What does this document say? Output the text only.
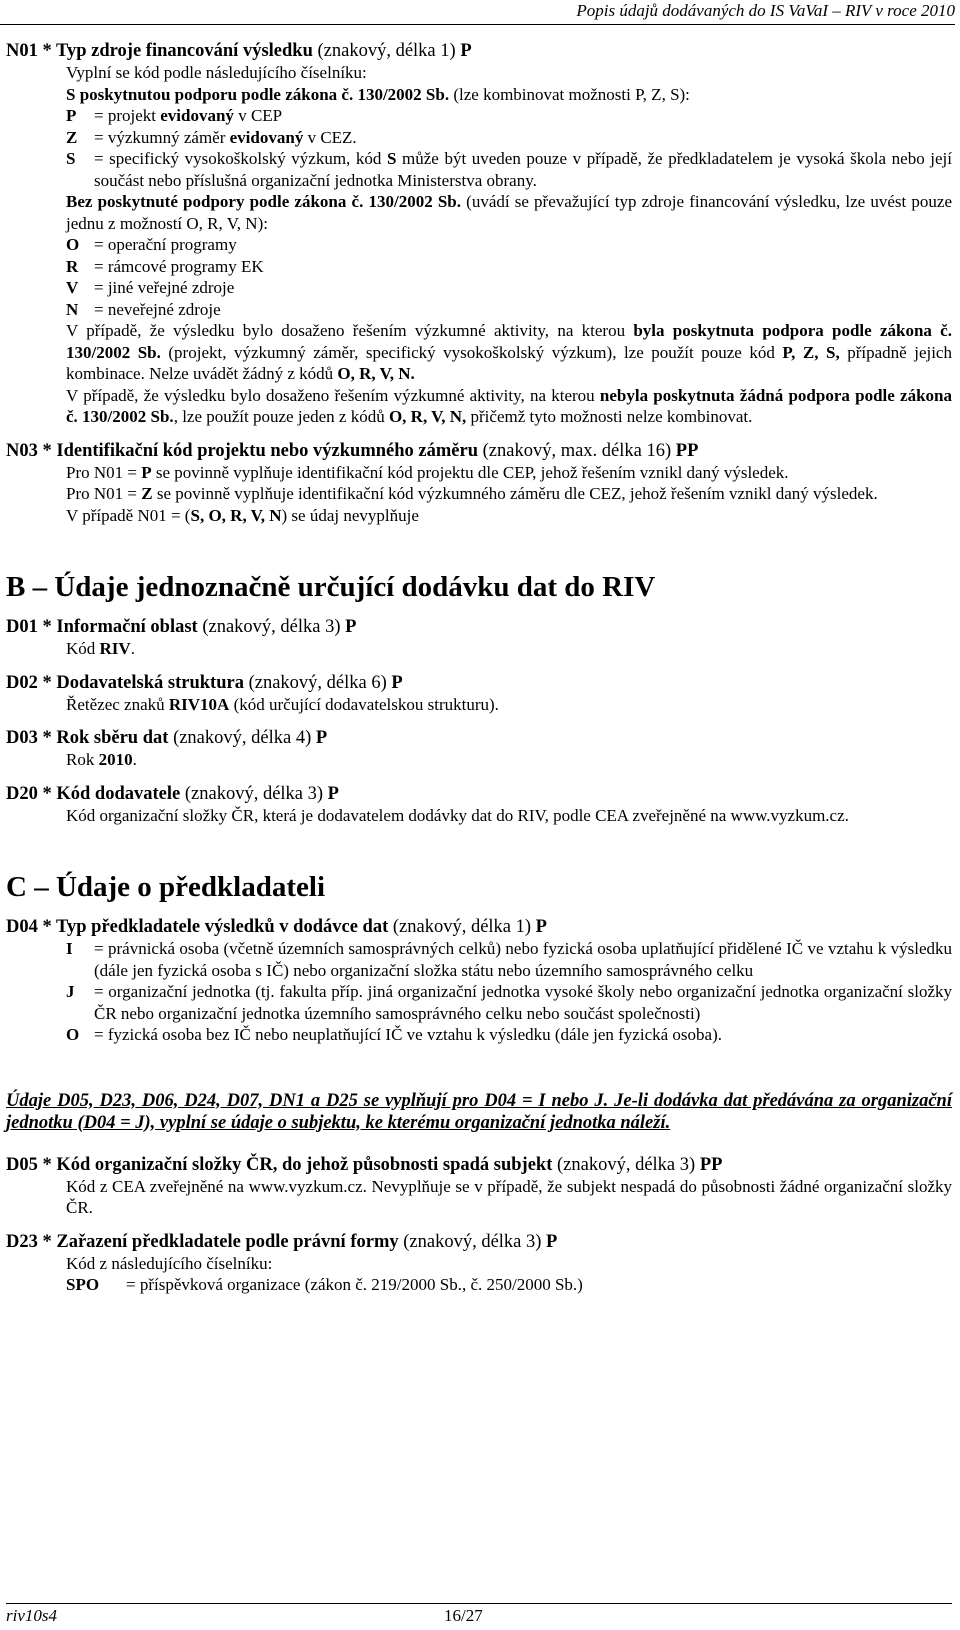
Popis údajů dodávaných do IS VaVaI – RIV v roce 2010

N01 * Typ zdroje financování výsledku (znakový, délka 1) P

Vyplní se kód podle následujícího číselníku:

S poskytnutou podporu podle zákona č. 130/2002 Sb. (lze kombinovat možnosti P, Z, S):

P	= projekt evidovaný v CEP
Z = výzkumný záměr evidovaný v CEZ.
S	= specifický vysokoškolský výzkum, kód S může být uveden pouze v případě, že předkladatelem je vysoká škola nebo její součást nebo příslušná organizační jednotka Ministerstva obrany.

Bez poskytnuté podpory podle zákona č. 130/2002 Sb. (uvádí se převažující typ zdroje financování výsledku, lze uvést pouze jednu z možností O, R, V, N):

O = operační programy
R = rámcové programy EK
V = jiné veřejné zdroje
N = neveřejné zdroje

V případě, že výsledku bylo dosaženo řešením výzkumné aktivity, na kterou byla poskytnuta podpora podle zákona č. 130/2002 Sb. (projekt, výzkumný záměr, specifický vysokoškolský výzkum), lze použít pouze kód P, Z, S, případně jejich kombinace. Nelze uvádět žádný z kódů O, R, V, N.

V případě, že výsledku bylo dosaženo řešením výzkumné aktivity, na kterou nebyla poskytnuta žádná podpora podle zákona č. 130/2002 Sb., lze použít pouze jeden z kódů O, R, V, N, přičemž tyto možnosti nelze kombinovat.

N03 * Identifikační kód projektu nebo výzkumného záměru (znakový, max. délka 16) PP

Pro N01 = P se povinně vyplňuje identifikační kód projektu dle CEP, jehož řešením vznikl daný výsledek.

Pro N01 = Z se povinně vyplňuje identifikační kód výzkumného záměru dle CEZ, jehož řešením vznikl daný výsledek.

V případě N01 = (S, O, R, V, N) se údaj nevyplňuje

B – Údaje jednoznačně určující dodávku dat do RIV

D01 * Informační oblast (znakový, délka 3) P

Kód RIV.

D02 * Dodavatelská struktura (znakový, délka 6) P

Řetězec znaků RIV10A (kód určující dodavatelskou strukturu).

D03 * Rok sběru dat (znakový, délka 4) P

Rok 2010.

D20 * Kód dodavatele (znakový, délka 3) P

Kód organizační složky ČR, která je dodavatelem dodávky dat do RIV, podle CEA zveřejněné na www.vyzkum.cz.

C – Údaje o předkladateli

D04 * Typ předkladatele výsledků v dodávce dat (znakový, délka 1) P

I	= právnická osoba (včetně územních samosprávných celků) nebo fyzická osoba uplatňující přidělené IČ ve vztahu k výsledku (dále jen fyzická osoba s IČ) nebo organizační složka státu nebo územního samosprávného celku
J	= organizační jednotka (tj. fakulta příp. jiná organizační jednotka vysoké školy nebo organizační jednotka organizační složky ČR nebo organizační jednotka územního samosprávného celku nebo součást společnosti)
O = fyzická osoba bez IČ nebo neuplatňující IČ ve vztahu k výsledku (dále jen fyzická osoba).

Údaje D05, D23, D06, D24, D07, DN1 a D25 se vyplňují pro D04 = I nebo J. Je-li dodávka dat předávána za organizační jednotku (D04 = J), vyplní se údaje o subjektu, ke kterému organizační jednotka náleží.

D05 * Kód organizační složky ČR, do jehož působnosti spadá subjekt (znakový, délka 3) PP

Kód z CEA zveřejněné na www.vyzkum.cz. Nevyplňuje se v případě, že subjekt nespadá do působnosti žádné organizační složky ČR.

D23 * Zařazení předkladatele podle právní formy (znakový, délka 3) P

Kód z následujícího číselníku:

SPO	= příspěvková organizace (zákon č. 219/2000 Sb., č. 250/2000 Sb.)
riv10s4	16/27
